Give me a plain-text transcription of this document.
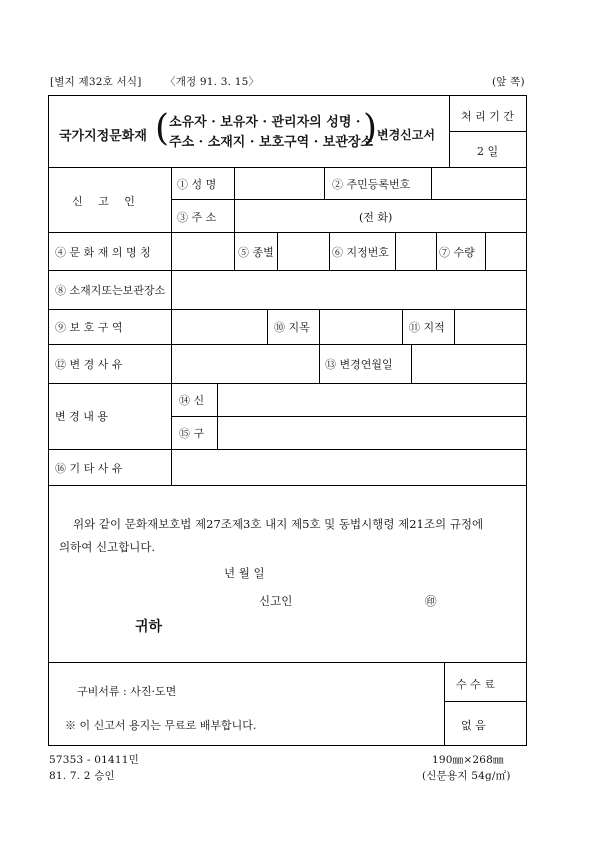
[별지 제32호 서식] 〈개정 91. 3. 15〉	(앞 쪽)
국가지정문화재 ( 소유자 · 보유자 · 관리자의 성명 ·
주소 · 소재지 · 보호구역 · 보관장소
) 변경신고서
처 리 기 간
2 일
신 고 인
① 성 명	② 주민등록번호
③ 주 소	(전 화)
④ 문 화 재 의 명 칭	⑤ 종별	⑥ 지정번호	⑦ 수량
⑧ 소재지또는보관장소
⑨ 보 호 구 역	⑩ 지목	⑪ 지적
⑫ 변 경 사 유	⑬ 변경연월일
변 경 내 용
⑭ 신
⑮ 구
⑯ 기 타 사 유
위와 같이 문화재보호법 제27조제3호 내지 제5호 및 동법시행령 제21조의 규정에
의하여 신고합니다.
년 월 일
신고인	㊞
귀하
구비서류 : 사진·도면
※ 이 신고서 용지는 무료로 배부합니다.
수 수 료
없 음
57353 - 01411민
81. 7. 2 승인
190㎜×268㎜
(신문용지 54g/㎡)
